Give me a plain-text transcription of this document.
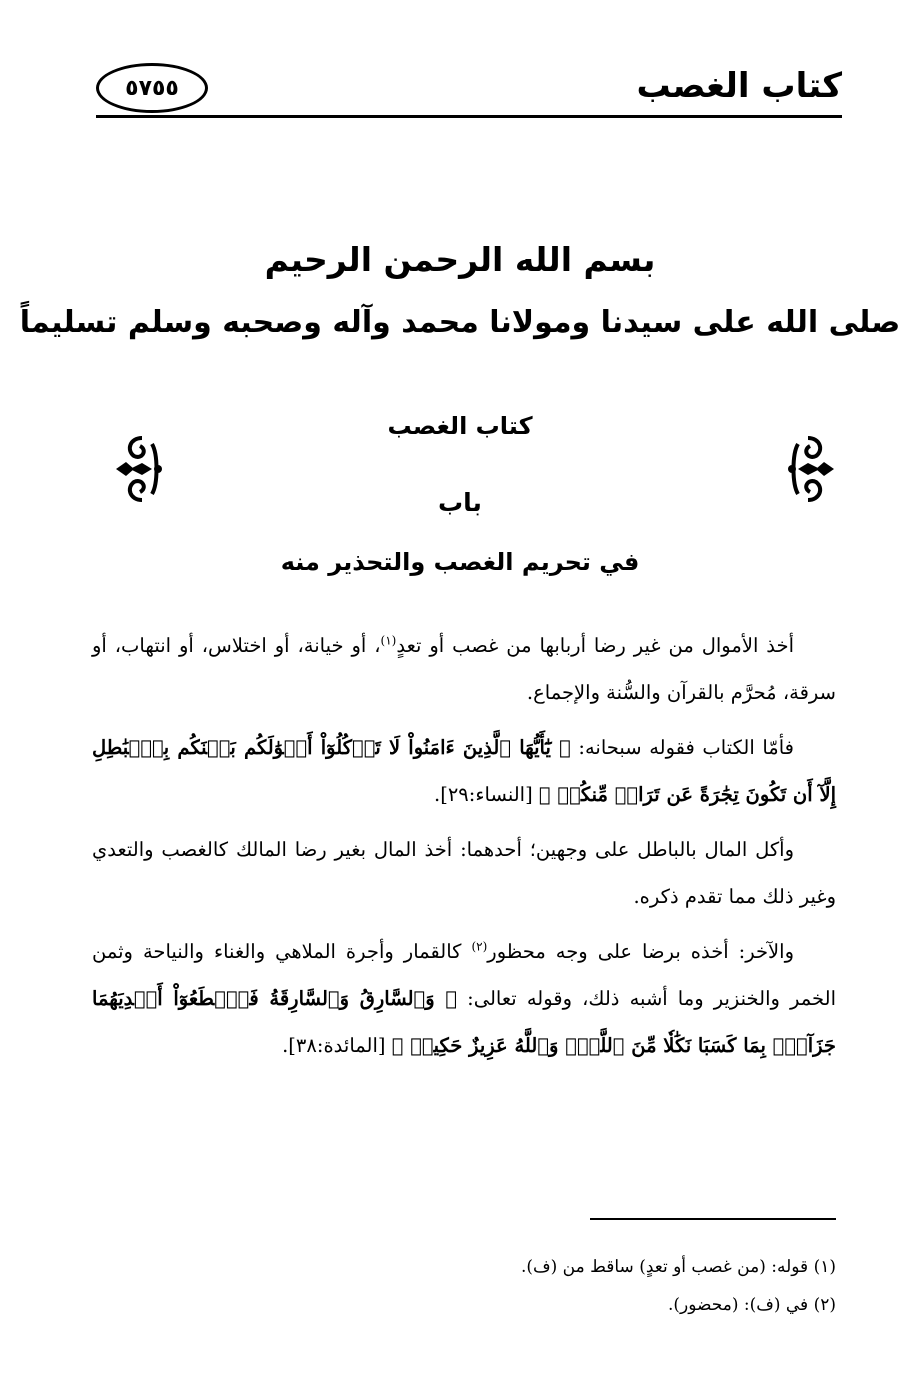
كتاب الغصب
٥٧٥٥
بسم الله الرحمن الرحيم
صلى الله على سيدنا ومولانا محمد وآله وصحبه وسلم تسليماً
كتاب الغصب
باب
في تحريم الغصب والتحذير منه

أخذ الأموال من غير رضا أربابها من غصب أو تعدٍ$^{(١)}$، أو خيانة، أو اختلاس، أو انتهاب، أو سرقة، مُحرَّم بالقرآن والسُّنة والإجماع.

فأمّا الكتاب فقوله سبحانه: ﴿ يَٰٓأَيُّهَا ٱلَّذِينَ ءَامَنُواْ لَا تَأۡكُلُوٓاْ أَمۡوَٰلَكُم بَيۡنَكُم بِٱلۡبَٰطِلِ إِلَّآ أَن تَكُونَ تِجَٰرَةً عَن تَرَاضٖ مِّنكُمۡ ﴾ [النساء:٢٩].

وأكل المال بالباطل على وجهين؛ أحدهما: أخذ المال بغير رضا المالك كالغصب والتعدي وغير ذلك مما تقدم ذكره.

والآخر: أخذه برضا على وجه محظور$^{(٢)}$ كالقمار وأجرة الملاهي والغناء والنياحة وثمن الخمر والخنزير وما أشبه ذلك، وقوله تعالى: ﴿ وَٱلسَّارِقُ وَٱلسَّارِقَةُ فَٱقۡطَعُوٓاْ أَيۡدِيَهُمَا جَزَآءَۢ بِمَا كَسَبَا نَكَٰلٗا مِّنَ ٱللَّهِۗ وَٱللَّهُ عَزِيزٌ حَكِيمٞ ﴾ [المائدة:٣٨].

(١) قوله: (من غصب أو تعدٍ) ساقط من (ف).
(٢) في (ف): (محضور).
